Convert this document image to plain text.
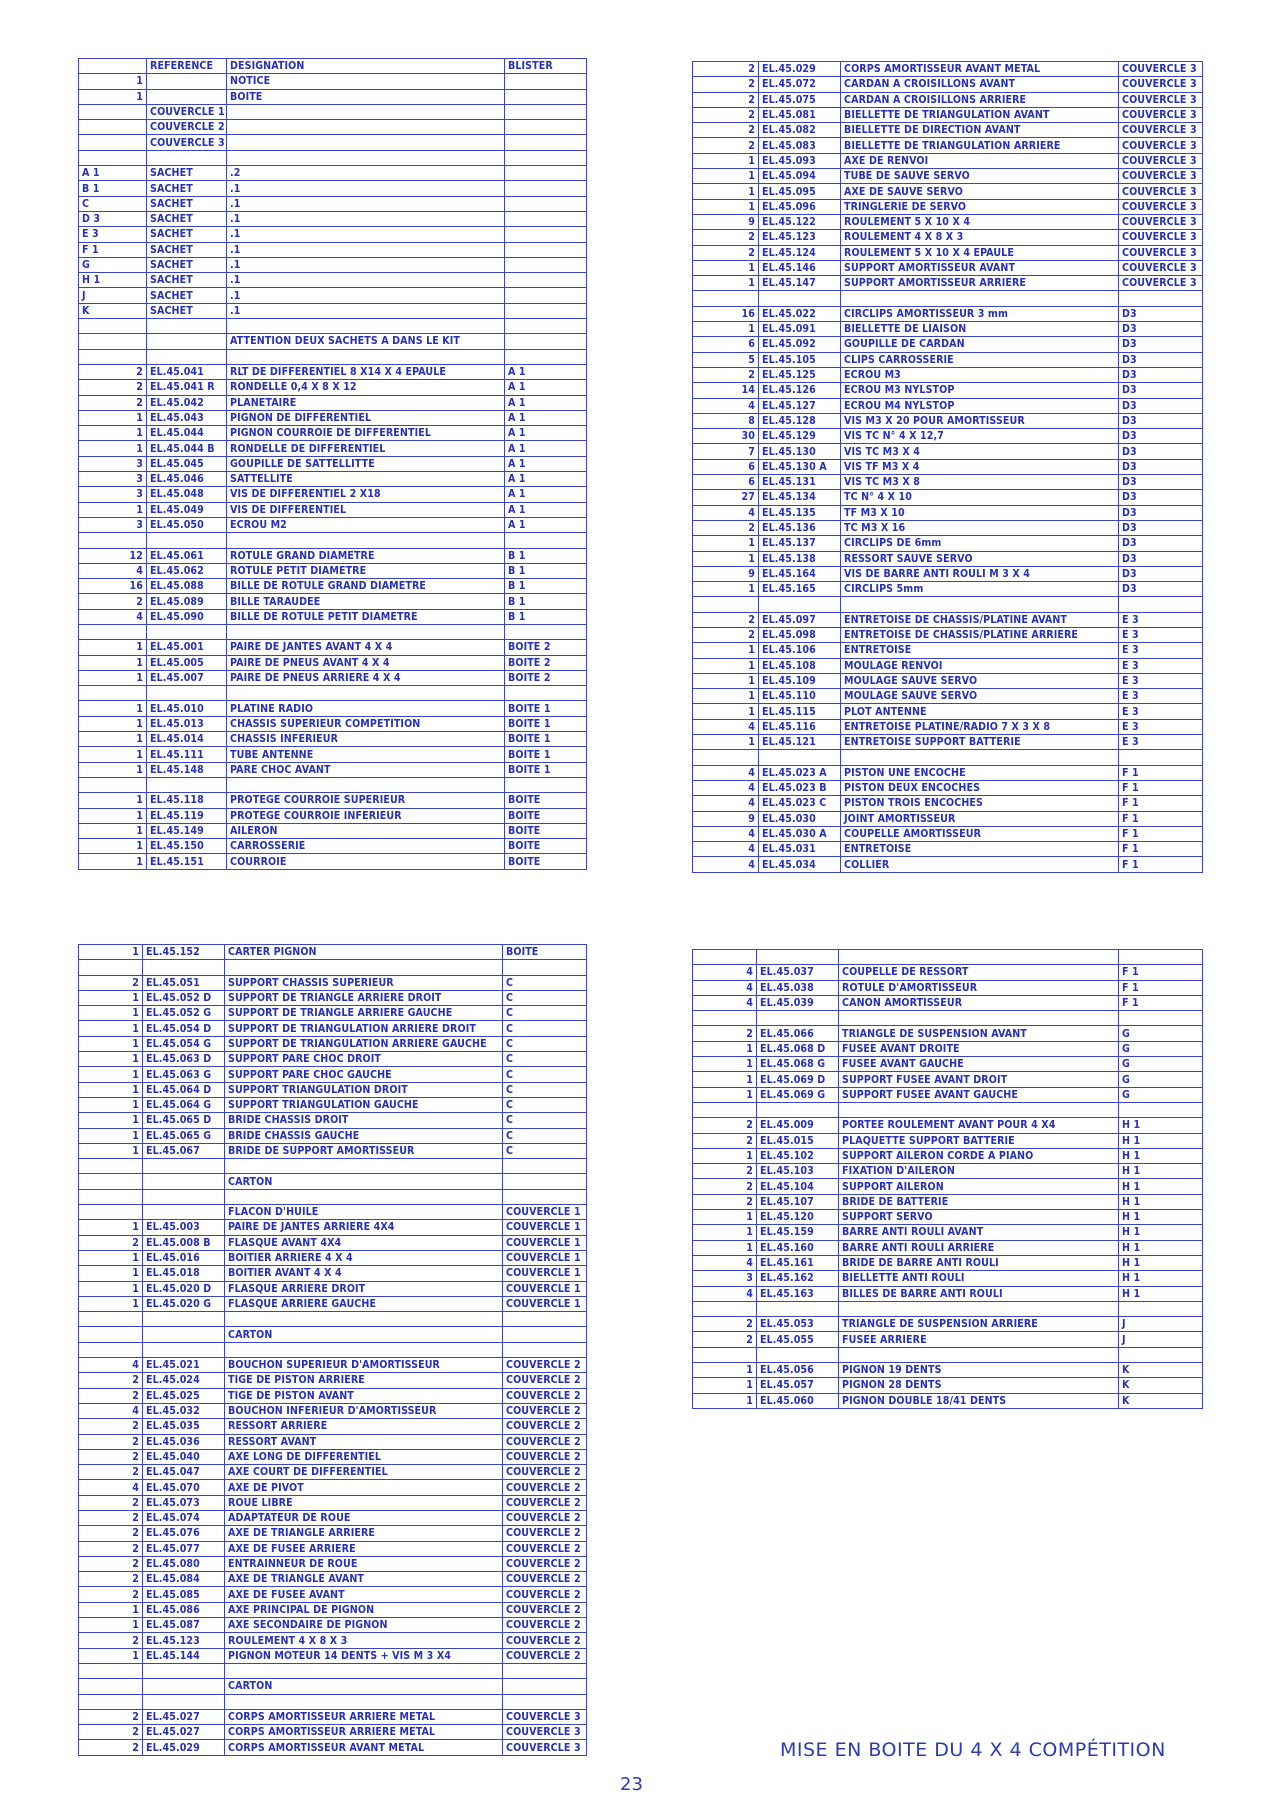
	REFERENCE	DESIGNATION	BLISTER
1		NOTICE	
1		BOITE	
	COUVERCLE 1		
	COUVERCLE 2		
	COUVERCLE 3		

A 1	SACHET	.2	
B 1	SACHET	.1	
C	SACHET	.1	
D 3	SACHET	.1	
E 3	SACHET	.1	
F 1	SACHET	.1	
G	SACHET	.1	
H 1	SACHET	.1	
J	SACHET	.1	
K	SACHET	.1	

		ATTENTION DEUX SACHETS A DANS LE KIT	

2	EL.45.041	RLT DE DIFFERENTIEL 8 X14 X 4 EPAULE	A 1
2	EL.45.041 R	RONDELLE 0,4 X 8 X 12	A 1
2	EL.45.042	PLANETAIRE	A 1
1	EL.45.043	PIGNON DE DIFFERENTIEL	A 1
1	EL.45.044	PIGNON COURROIE DE DIFFERENTIEL	A 1
1	EL.45.044 B	RONDELLE DE DIFFERENTIEL	A 1
3	EL.45.045	GOUPILLE DE SATTELLITTE	A 1
3	EL.45.046	SATTELLITE	A 1
3	EL.45.048	VIS DE DIFFERENTIEL 2 X18	A 1
1	EL.45.049	VIS DE DIFFERENTIEL	A 1
3	EL.45.050	ECROU M2	A 1

12	EL.45.061	ROTULE GRAND DIAMETRE	B 1
4	EL.45.062	ROTULE PETIT DIAMETRE	B 1
16	EL.45.088	BILLE DE ROTULE GRAND DIAMETRE	B 1
2	EL.45.089	BILLE TARAUDEE	B 1
4	EL.45.090	BILLE DE ROTULE PETIT DIAMETRE	B 1

1	EL.45.001	PAIRE DE JANTES AVANT 4 X 4	BOITE 2
1	EL.45.005	PAIRE DE PNEUS AVANT 4 X 4	BOITE 2
1	EL.45.007	PAIRE DE PNEUS ARRIERE 4 X 4	BOITE 2

1	EL.45.010	PLATINE RADIO	BOITE 1
1	EL.45.013	CHASSIS SUPERIEUR COMPETITION	BOITE 1
1	EL.45.014	CHASSIS INFERIEUR	BOITE 1
1	EL.45.111	TUBE ANTENNE	BOITE 1
1	EL.45.148	PARE CHOC AVANT	BOITE 1

1	EL.45.118	PROTEGE COURROIE SUPERIEUR	BOITE
1	EL.45.119	PROTEGE COURROIE INFERIEUR	BOITE
1	EL.45.149	AILERON	BOITE
1	EL.45.150	CARROSSERIE	BOITE
1	EL.45.151	COURROIE	BOITE
2	EL.45.029	CORPS AMORTISSEUR AVANT METAL	COUVERCLE 3
2	EL.45.072	CARDAN A CROISILLONS AVANT	COUVERCLE 3
2	EL.45.075	CARDAN A CROISILLONS ARRIERE	COUVERCLE 3
2	EL.45.081	BIELLETTE DE TRIANGULATION AVANT	COUVERCLE 3
2	EL.45.082	BIELLETTE DE DIRECTION AVANT	COUVERCLE 3
2	EL.45.083	BIELLETTE DE TRIANGULATION ARRIERE	COUVERCLE 3
1	EL.45.093	AXE DE RENVOI	COUVERCLE 3
1	EL.45.094	TUBE DE SAUVE SERVO	COUVERCLE 3
1	EL.45.095	AXE DE SAUVE SERVO	COUVERCLE 3
1	EL.45.096	TRINGLERIE DE SERVO	COUVERCLE 3
9	EL.45.122	ROULEMENT 5 X 10 X 4	COUVERCLE 3
2	EL.45.123	ROULEMENT 4 X 8 X 3	COUVERCLE 3
2	EL.45.124	ROULEMENT 5 X 10 X 4 EPAULE	COUVERCLE 3
1	EL.45.146	SUPPORT AMORTISSEUR AVANT	COUVERCLE 3
1	EL.45.147	SUPPORT AMORTISSEUR ARRIERE	COUVERCLE 3

16	EL.45.022	CIRCLIPS AMORTISSEUR 3 mm	D3
1	EL.45.091	BIELLETTE DE LIAISON	D3
6	EL.45.092	GOUPILLE DE CARDAN	D3
5	EL.45.105	CLIPS CARROSSERIE	D3
2	EL.45.125	ECROU M3	D3
14	EL.45.126	ECROU M3 NYLSTOP	D3
4	EL.45.127	ECROU M4 NYLSTOP	D3
8	EL.45.128	VIS M3 X 20 POUR AMORTISSEUR	D3
30	EL.45.129	VIS TC N° 4 X 12,7	D3
7	EL.45.130	VIS TC M3 X 4	D3
6	EL.45.130 A	VIS TF M3 X 4	D3
6	EL.45.131	VIS TC M3 X 8	D3
27	EL.45.134	TC N° 4 X 10	D3
4	EL.45.135	TF M3 X 10	D3
2	EL.45.136	TC M3 X 16	D3
1	EL.45.137	CIRCLIPS DE 6mm	D3
1	EL.45.138	RESSORT SAUVE SERVO	D3
9	EL.45.164	VIS DE BARRE ANTI ROULI M 3 X 4	D3
1	EL.45.165	CIRCLIPS 5mm	D3

2	EL.45.097	ENTRETOISE DE CHASSIS/PLATINE AVANT	E 3
2	EL.45.098	ENTRETOISE DE CHASSIS/PLATINE ARRIERE	E 3
1	EL.45.106	ENTRETOISE	E 3
1	EL.45.108	MOULAGE RENVOI	E 3
1	EL.45.109	MOULAGE SAUVE SERVO	E 3
1	EL.45.110	MOULAGE SAUVE SERVO	E 3
1	EL.45.115	PLOT ANTENNE	E 3
4	EL.45.116	ENTRETOISE PLATINE/RADIO 7 X 3 X 8	E 3
1	EL.45.121	ENTRETOISE SUPPORT BATTERIE	E 3

4	EL.45.023 A	PISTON UNE ENCOCHE	F 1
4	EL.45.023 B	PISTON DEUX ENCOCHES	F 1
4	EL.45.023 C	PISTON TROIS ENCOCHES	F 1
9	EL.45.030	JOINT AMORTISSEUR	F 1
4	EL.45.030 A	COUPELLE AMORTISSEUR	F 1
4	EL.45.031	ENTRETOISE	F 1
4	EL.45.034	COLLIER	F 1
1	EL.45.152	CARTER PIGNON	BOITE

2	EL.45.051	SUPPORT CHASSIS SUPERIEUR	C
1	EL.45.052 D	SUPPORT DE TRIANGLE ARRIERE DROIT	C
1	EL.45.052 G	SUPPORT DE TRIANGLE ARRIERE GAUCHE	C
1	EL.45.054 D	SUPPORT DE TRIANGULATION ARRIERE DROIT	C
1	EL.45.054 G	SUPPORT DE TRIANGULATION ARRIERE GAUCHE	C
1	EL.45.063 D	SUPPORT PARE CHOC DROIT	C
1	EL.45.063 G	SUPPORT PARE CHOC GAUCHE	C
1	EL.45.064 D	SUPPORT TRIANGULATION DROIT	C
1	EL.45.064 G	SUPPORT TRIANGULATION GAUCHE	C
1	EL.45.065 D	BRIDE CHASSIS DROIT	C
1	EL.45.065 G	BRIDE CHASSIS GAUCHE	C
1	EL.45.067	BRIDE DE SUPPORT AMORTISSEUR	C

		CARTON	

		FLACON D'HUILE	COUVERCLE 1
1	EL.45.003	PAIRE DE JANTES ARRIERE 4X4	COUVERCLE 1
2	EL.45.008 B	FLASQUE AVANT 4X4	COUVERCLE 1
1	EL.45.016	BOITIER ARRIERE 4 X 4	COUVERCLE 1
1	EL.45.018	BOITIER AVANT 4 X 4	COUVERCLE 1
1	EL.45.020 D	FLASQUE ARRIERE DROIT	COUVERCLE 1
1	EL.45.020 G	FLASQUE ARRIERE GAUCHE	COUVERCLE 1

		CARTON	

4	EL.45.021	BOUCHON SUPERIEUR D'AMORTISSEUR	COUVERCLE 2
2	EL.45.024	TIGE DE PISTON ARRIERE	COUVERCLE 2
2	EL.45.025	TIGE DE PISTON AVANT	COUVERCLE 2
4	EL.45.032	BOUCHON INFERIEUR D'AMORTISSEUR	COUVERCLE 2
2	EL.45.035	RESSORT ARRIERE	COUVERCLE 2
2	EL.45.036	RESSORT AVANT	COUVERCLE 2
2	EL.45.040	AXE LONG DE DIFFERENTIEL	COUVERCLE 2
2	EL.45.047	AXE COURT DE DIFFERENTIEL	COUVERCLE 2
4	EL.45.070	AXE DE PIVOT	COUVERCLE 2
2	EL.45.073	ROUE LIBRE	COUVERCLE 2
2	EL.45.074	ADAPTATEUR DE ROUE	COUVERCLE 2
2	EL.45.076	AXE DE TRIANGLE ARRIERE	COUVERCLE 2
2	EL.45.077	AXE DE FUSEE ARRIERE	COUVERCLE 2
2	EL.45.080	ENTRAINNEUR DE ROUE	COUVERCLE 2
2	EL.45.084	AXE DE TRIANGLE AVANT	COUVERCLE 2
2	EL.45.085	AXE DE FUSEE AVANT	COUVERCLE 2
1	EL.45.086	AXE PRINCIPAL DE PIGNON	COUVERCLE 2
1	EL.45.087	AXE SECONDAIRE DE PIGNON	COUVERCLE 2
2	EL.45.123	ROULEMENT 4 X 8 X 3	COUVERCLE 2
1	EL.45.144	PIGNON MOTEUR 14 DENTS + VIS M 3 X4	COUVERCLE 2

		CARTON	

2	EL.45.027	CORPS AMORTISSEUR ARRIERE METAL	COUVERCLE 3
2	EL.45.027	CORPS AMORTISSEUR ARRIERE METAL	COUVERCLE 3
2	EL.45.029	CORPS AMORTISSEUR AVANT METAL	COUVERCLE 3

4	EL.45.037	COUPELLE DE RESSORT	F 1
4	EL.45.038	ROTULE D'AMORTISSEUR	F 1
4	EL.45.039	CANON AMORTISSEUR	F 1

2	EL.45.066	TRIANGLE DE SUSPENSION AVANT	G
1	EL.45.068 D	FUSEE AVANT DROITE	G
1	EL.45.068 G	FUSEE AVANT GAUCHE	G
1	EL.45.069 D	SUPPORT FUSEE AVANT DROIT	G
1	EL.45.069 G	SUPPORT FUSEE AVANT GAUCHE	G

2	EL.45.009	PORTEE ROULEMENT AVANT POUR 4 X4	H 1
2	EL.45.015	PLAQUETTE SUPPORT BATTERIE	H 1
1	EL.45.102	SUPPORT AILERON CORDE A PIANO	H 1
2	EL.45.103	FIXATION D'AILERON	H 1
2	EL.45.104	SUPPORT AILERON	H 1
2	EL.45.107	BRIDE DE BATTERIE	H 1
1	EL.45.120	SUPPORT SERVO	H 1
1	EL.45.159	BARRE ANTI ROULI AVANT	H 1
1	EL.45.160	BARRE ANTI ROULI ARRIERE	H 1
4	EL.45.161	BRIDE DE BARRE ANTI ROULI	H 1
3	EL.45.162	BIELLETTE ANTI ROULI	H 1
4	EL.45.163	BILLES DE BARRE ANTI ROULI	H 1

2	EL.45.053	TRIANGLE DE SUSPENSION ARRIERE	J
2	EL.45.055	FUSEE ARRIERE	J

1	EL.45.056	PIGNON 19 DENTS	K
1	EL.45.057	PIGNON 28 DENTS	K
1	EL.45.060	PIGNON DOUBLE 18/41 DENTS	K
MISE EN BOITE DU 4 X 4 COMPÉTITION
23
